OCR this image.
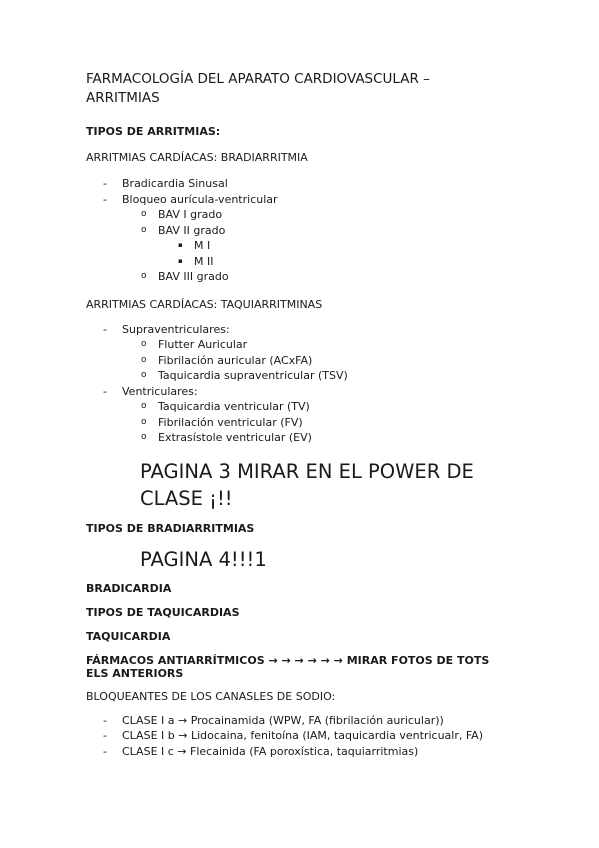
FARMACOLOGÍA DEL APARATO CARDIOVASCULAR –
ARRITMIAS

TIPOS DE ARRITMIAS:

ARRITMIAS CARDÍACAS: BRADIARRITMIA

- Bradicardia Sinusal
- Bloqueo aurícula-ventricular
o BAV I grado
o BAV II grado
▪ M I
▪ M II
o BAV III grado

ARRITMIAS CARDÍACAS: TAQUIARRITMINAS

- Supraventriculares:
o Flutter Auricular
o Fibrilación auricular (ACxFA)
o Taquicardia supraventricular (TSV)
- Ventriculares:
o Taquicardia ventricular (TV)
o Fibrilación ventricular (FV)
o Extrasístole ventricular (EV)
PAGINA 3 MIRAR EN EL POWER DE
CLASE ¡!!

TIPOS DE BRADIARRITMIAS

PAGINA 4!!!1

BRADICARDIA

TIPOS DE TAQUICARDIAS

TAQUICARDIA

FÁRMACOS ANTIARRÍTMICOS → → → → → → MIRAR FOTOS DE TOTS
ELS ANTERIORS

BLOQUEANTES DE LOS CANASLES DE SODIO:

- CLASE I a → Procainamida (WPW, FA (fibrilación auricular))
- CLASE I b → Lidocaina, fenitoína (IAM, taquicardia ventricualr, FA)
- CLASE I c → Flecainida (FA poroxística, taquiarritmias)
